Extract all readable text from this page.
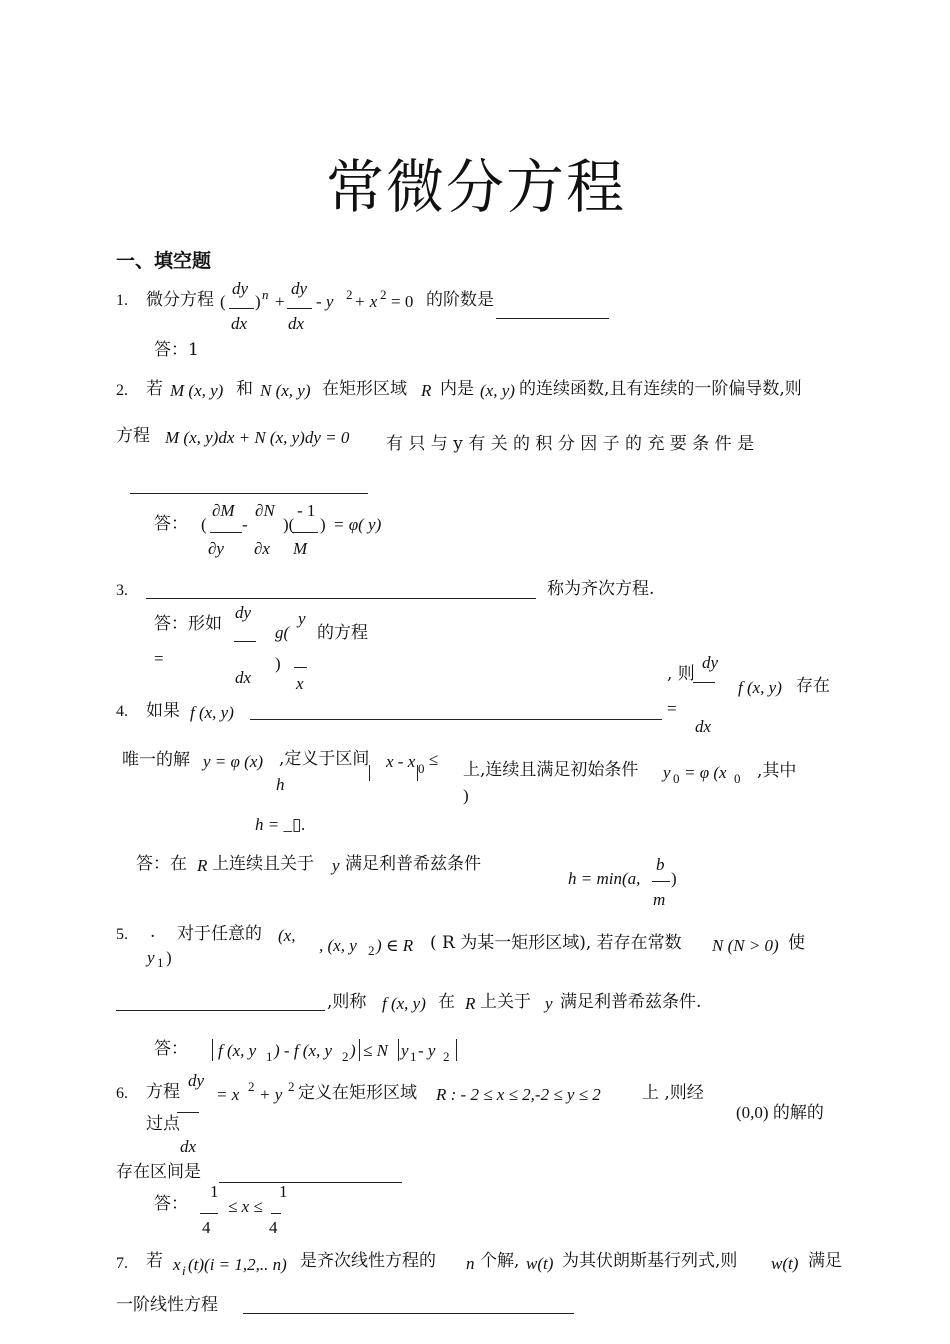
常微分方程
一、填空题
1. 微分方程 (
dy
dx
) n +
dy
dx
- y 2 + x 2 = 0 的阶数是
答：1
2. 若 M (x, y) 和 N (x, y) 在矩形区域 R 内是 (x, y) 的连续函数,且有连续的一阶偏导数,则
方程 M (x, y)dx + N (x, y)dy = 0 有 只 与 y 有 关 的 积 分 因 子 的 充 要 条 件 是
答： (
∂M
∂y
-
∂N
∂x
)(
- 1
M
) = φ( y)
3.	称为齐次方程.
答：形如
dy
=
dx
g(
y
)
x
的方程
, 则
dy
=
dx
f (x, y) 存在
4. 如果 f (x, y)
唯一的解 y = φ (x) ,定义于区间 x - x 0 ≤
h
上,连续且满足初始条件
)
y 0 = φ (x 0 ,其中
h = _▯.
答：在 R 上连续且关于 y 满足利普希兹条件
h = min(a,
b
m
)
5. . 对于任意的 (x,
y 1 )
, (x, y 2 ) ∈ R ( R 为某一矩形区域), 若存在常数 N (N > 0) 使
,则称 f (x, y) 在 R 上关于 y 满足利普希兹条件.
答： f (x, y 1 ) - f (x, y 2 ) ≤ N y 1 - y 2
6. 方程
dy
dx
= x 2 + y 2 定义在矩形区域 R : - 2 ≤ x ≤ 2,-2 ≤ y ≤ 2 上 ,则经
过点
(0,0) 的解的
存在区间是
答：
1
4
≤ x ≤
1
4
7. 若 x i (t)(i = 1,2,.. n) 是齐次线性方程的 n 个解, w(t) 为其伏朗斯基行列式,则 w(t) 满足
一阶线性方程
